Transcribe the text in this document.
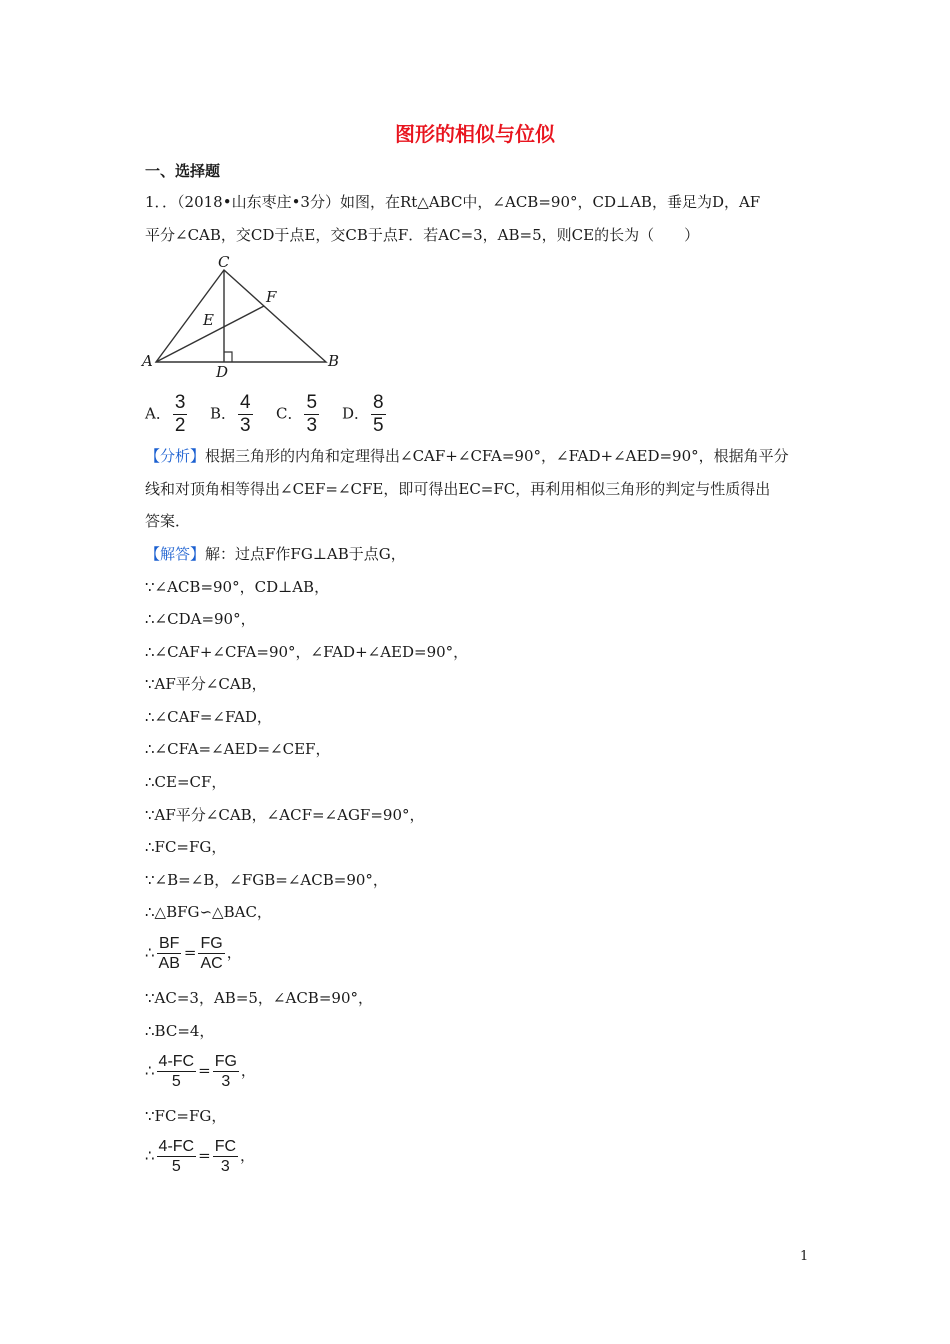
图形的相似与位似
一、选择题
1．．（2018•山东枣庄•3分）如图，在Rt△ABC中，∠ACB=90°，CD⊥AB，垂足为D，AF
平分∠CAB，交CD于点E，交CB于点F．若AC=3，AB=5，则CE的长为（　　）
C
F
E
A
D
B
A． $\frac{3}{2}$ B． $\frac{4}{3}$ C． $\frac{5}{3}$ D． $\frac{8}{5}$
【分析】根据三角形的内角和定理得出∠CAF+∠CFA=90°，∠FAD+∠AED=90°，根据角平分
线和对顶角相等得出∠CEF=∠CFE，即可得出EC=FC，再利用相似三角形的判定与性质得出
答案．
【解答】解：过点F作FG⊥AB于点G，
∵∠ACB=90°，CD⊥AB，
∴∠CDA=90°，
∴∠CAF+∠CFA=90°，∠FAD+∠AED=90°，
∵AF平分∠CAB，
∴∠CAF=∠FAD，
∴∠CFA=∠AED=∠CEF，
∴CE=CF，
∵AF平分∠CAB，∠ACF=∠AGF=90°，
∴FC=FG，
∵∠B=∠B，∠FGB=∠ACB=90°，
∴△BFG∽△BAC，
∴ $\frac{BF}{AB} = \frac{FG}{AC}$ ，
∵AC=3，AB=5，∠ACB=90°，
∴BC=4，
∴ $\frac{4-FC}{5} = \frac{FG}{3}$ ，
∵FC=FG，
∴ $\frac{4-FC}{5} = \frac{FC}{3}$ ，
1
